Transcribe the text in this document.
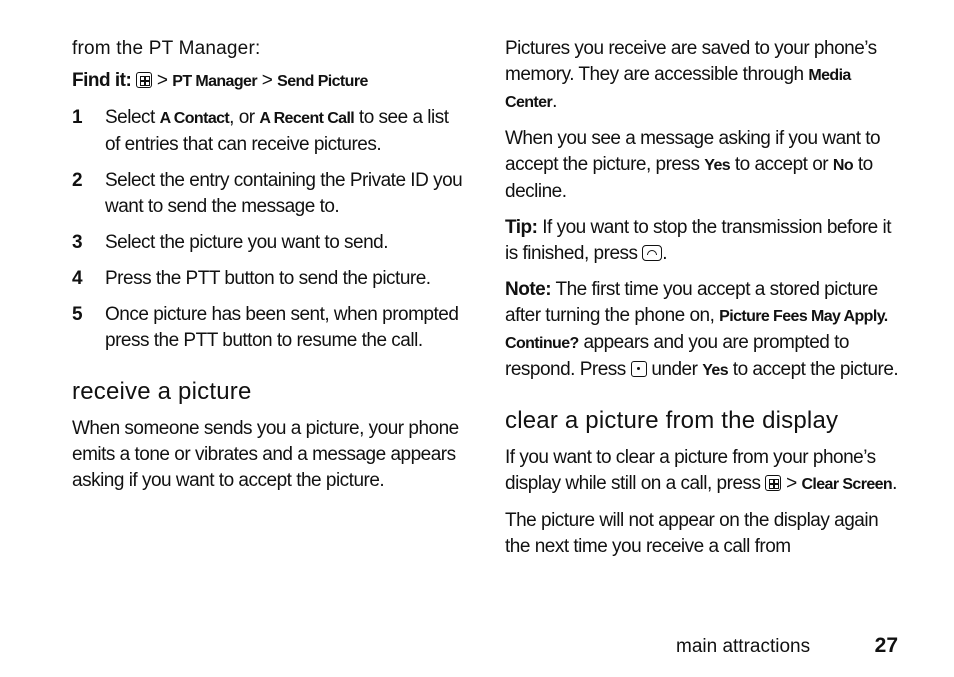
from the PT Manager:

Find it: > PT Manager > Send Picture

1	Select A Contact, or A Recent Call to see a list of entries that can receive pictures.
2	Select the entry containing the Private ID you want to send the message to.
3	Select the picture you want to send.
4	Press the PTT button to send the picture.
5	Once picture has been sent, when prompted press the PTT button to resume the call.
receive a picture

When someone sends you a picture, your phone emits a tone or vibrates and a message appears asking if you want to accept the picture.

Pictures you receive are saved to your phone’s memory. They are accessible through Media Center.

When you see a message asking if you want to accept the picture, press Yes to accept or No to decline.

Tip: If you want to stop the transmission before it is finished, press
.

Note: The first time you accept a stored picture after turning the phone on, Picture Fees May Apply. Continue? appears and you are prompted to respond. Press
under Yes to accept the picture.

clear a picture from the display

If you want to clear a picture from your phone’s display while still on a call, press
> Clear Screen.

The picture will not appear on the display again the next time you receive a call from

main attractions	27
